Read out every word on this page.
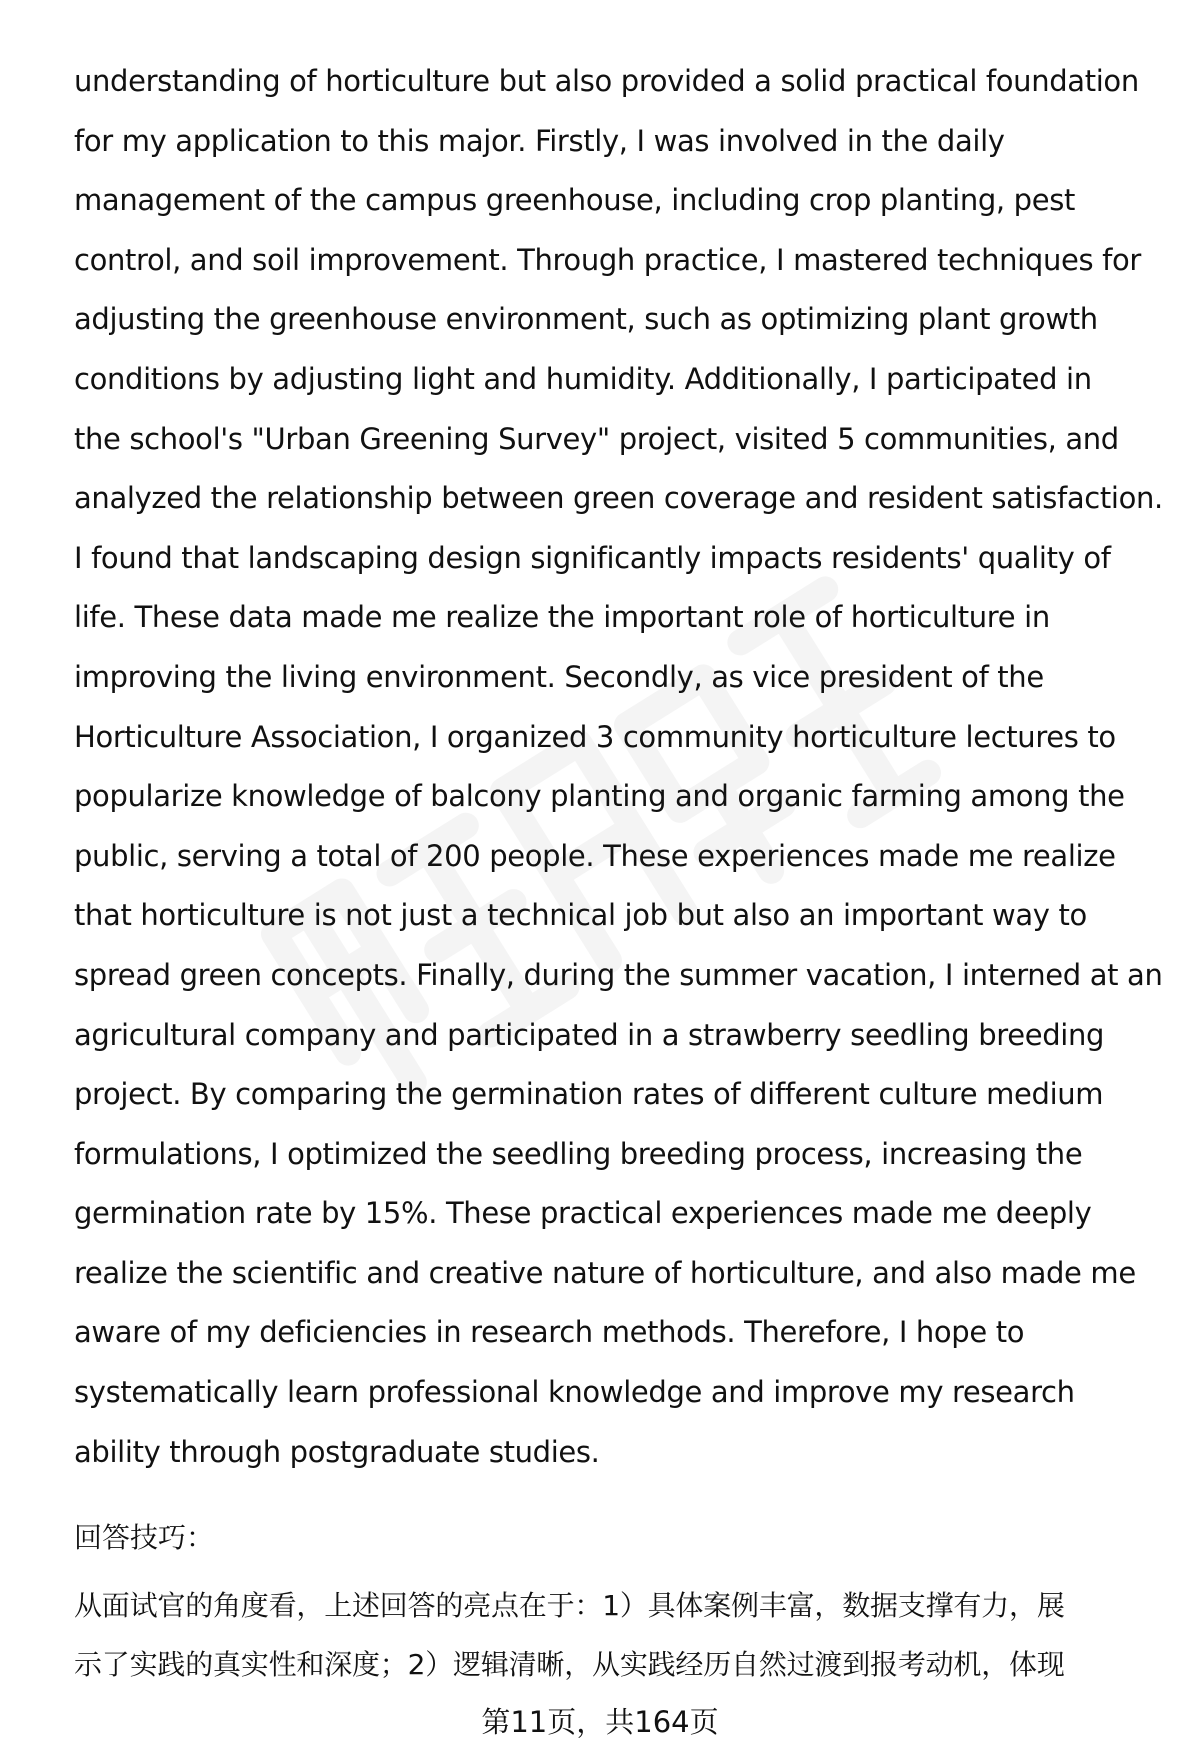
understanding of horticulture but also provided a solid practical foundation
for my application to this major. Firstly, I was involved in the daily
management of the campus greenhouse, including crop planting, pest
control, and soil improvement. Through practice, I mastered techniques for
adjusting the greenhouse environment, such as optimizing plant growth
conditions by adjusting light and humidity. Additionally, I participated in
the school's "Urban Greening Survey" project, visited 5 communities, and
analyzed the relationship between green coverage and resident satisfaction.
I found that landscaping design significantly impacts residents' quality of
life. These data made me realize the important role of horticulture in
improving the living environment. Secondly, as vice president of the
Horticulture Association, I organized 3 community horticulture lectures to
popularize knowledge of balcony planting and organic farming among the
public, serving a total of 200 people. These experiences made me realize
that horticulture is not just a technical job but also an important way to
spread green concepts. Finally, during the summer vacation, I interned at an
agricultural company and participated in a strawberry seedling breeding
project. By comparing the germination rates of different culture medium
formulations, I optimized the seedling breeding process, increasing the
germination rate by 15%. These practical experiences made me deeply
realize the scientific and creative nature of horticulture, and also made me
aware of my deficiencies in research methods. Therefore, I hope to
systematically learn professional knowledge and improve my research
ability through postgraduate studies.

回答技巧：

从面试官的角度看，上述回答的亮点在于：1）具体案例丰富，数据支撑有力，展
示了实践的真实性和深度；2）逻辑清晰，从实践经历自然过渡到报考动机，体现

第11页，共164页
